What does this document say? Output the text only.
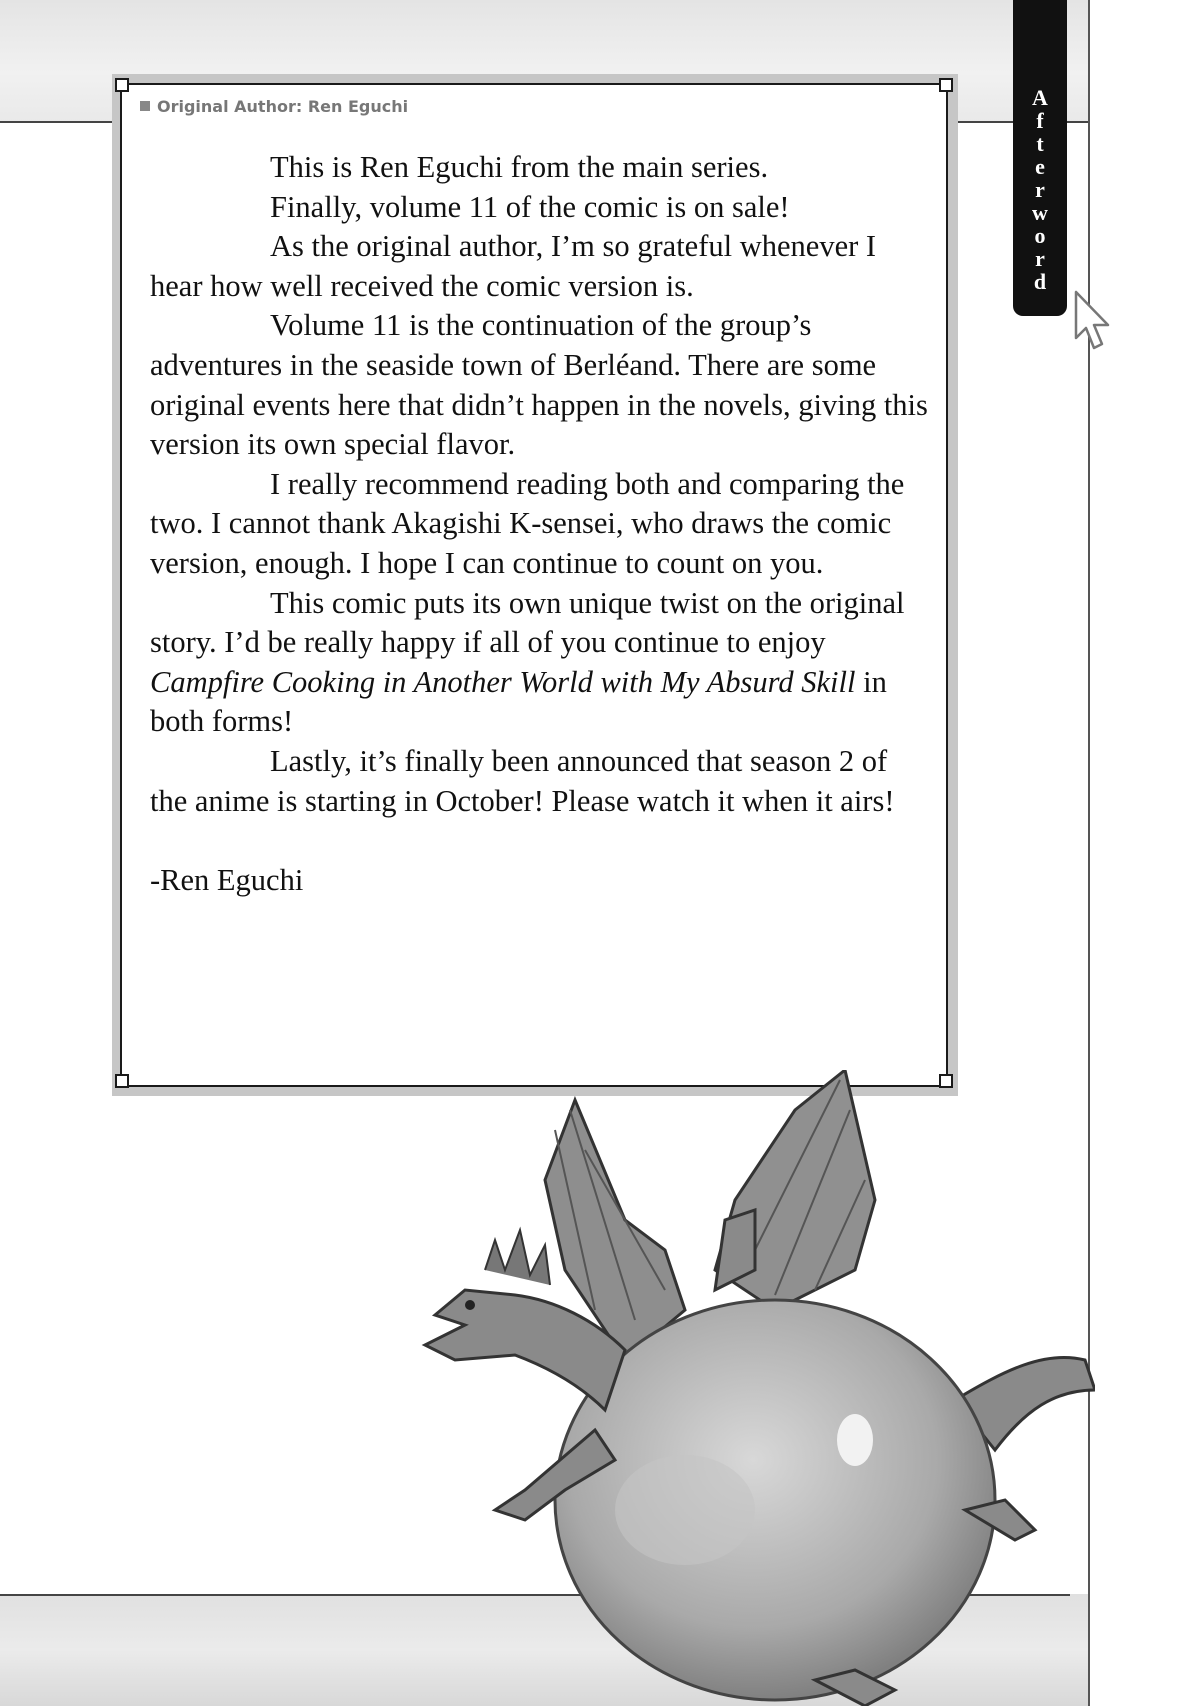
A
f
t
e
r
w
o
r
d
Original Author: Ren Eguchi

This is Ren Eguchi from the main series.

Finally, volume 11 of the comic is on sale!

As the original author, I’m so grateful whenever I hear how well received the comic version is.

Volume 11 is the continuation of the group’s adventures in the seaside town of Berléand. There are some original events here that didn’t happen in the novels, giving this version its own special flavor.

I really recommend reading both and comparing the two. I cannot thank Akagishi K-sensei, who draws the comic version, enough. I hope I can continue to count on you.

This comic puts its own unique twist on the original story. I’d be really happy if all of you continue to enjoy Campfire Cooking in Another World with My Absurd Skill in both forms!

Lastly, it’s finally been announced that season 2 of the anime is starting in October! Please watch it when it airs!

-Ren Eguchi
